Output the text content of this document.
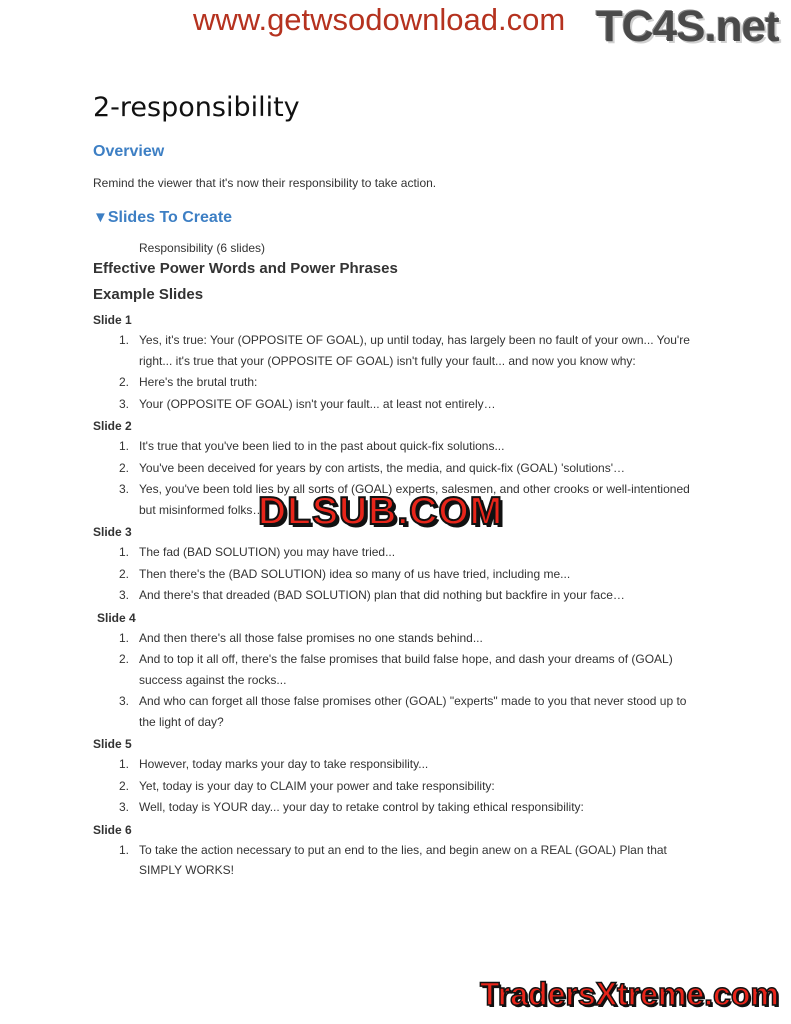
www.getwsodownload.com TC4S.net
2-responsibility
Overview

Remind the viewer that it's now their responsibility to take action.

▼Slides To Create

Responsibility (6 slides)

Effective Power Words and Power Phrases
Example Slides
Slide 1
1. Yes, it's true: Your (OPPOSITE OF GOAL), up until today, has largely been no fault of your own... You're right... it's true that your (OPPOSITE OF GOAL) isn't fully your fault... and now you know why:
2. Here's the brutal truth:
3. Your (OPPOSITE OF GOAL) isn't your fault... at least not entirely…
Slide 2
1. It's true that you've been lied to in the past about quick-fix solutions...
2. You've been deceived for years by con artists, the media, and quick-fix (GOAL) 'solutions'…
3. Yes, you've been told lies by all sorts of (GOAL) experts, salesmen, and other crooks or well-intentioned but misinformed folks…
Slide 3
1. The fad (BAD SOLUTION) you may have tried...
2. Then there's the (BAD SOLUTION) idea so many of us have tried, including me...
3. And there's that dreaded (BAD SOLUTION) plan that did nothing but backfire in your face…
Slide 4
1. And then there's all those false promises no one stands behind...
2. And to top it all off, there's the false promises that build false hope, and dash your dreams of (GOAL) success against the rocks...
3. And who can forget all those false promises other (GOAL) "experts" made to you that never stood up to the light of day?
Slide 5
1. However, today marks your day to take responsibility...
2. Yet, today is your day to CLAIM your power and take responsibility:
3. Well, today is YOUR day... your day to retake control by taking ethical responsibility:
Slide 6
1. To take the action necessary to put an end to the lies, and begin anew on a REAL (GOAL) Plan that SIMPLY WORKS!
DLSUB.COM
TradersXtreme.com
